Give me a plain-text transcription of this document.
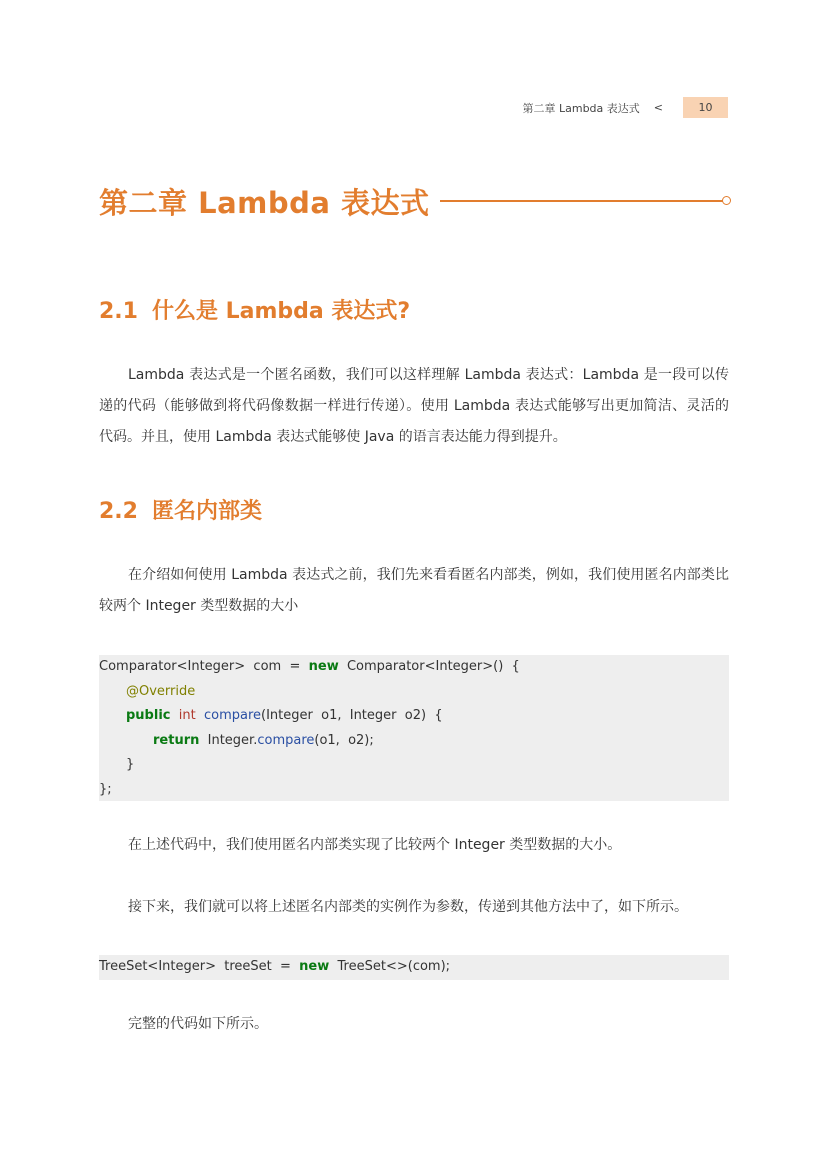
第二章 Lambda 表达式 <	10
第二章 Lambda 表达式
2.1 什么是 Lambda 表达式?

Lambda 表达式是一个匿名函数，我们可以这样理解 Lambda 表达式：Lambda 是一段可以传递的代码（能够做到将代码像数据一样进行传递）。使用 Lambda 表达式能够写出更加简洁、灵活的代码。并且，使用 Lambda 表达式能够使 Java 的语言表达能力得到提升。

2.2 匿名内部类

在介绍如何使用 Lambda 表达式之前，我们先来看看匿名内部类，例如，我们使用匿名内部类比较两个 Integer 类型数据的大小

Comparator<Integer>  com  =  new  Comparator<Integer>()  {
@Override
public int compare(Integer  o1,  Integer  o2)  {
return  Integer.compare(o1,  o2);
}
};

在上述代码中，我们使用匿名内部类实现了比较两个 Integer 类型数据的大小。

接下来，我们就可以将上述匿名内部类的实例作为参数，传递到其他方法中了，如下所示。

TreeSet<Integer>  treeSet  =  new  TreeSet<>(com);

完整的代码如下所示。
